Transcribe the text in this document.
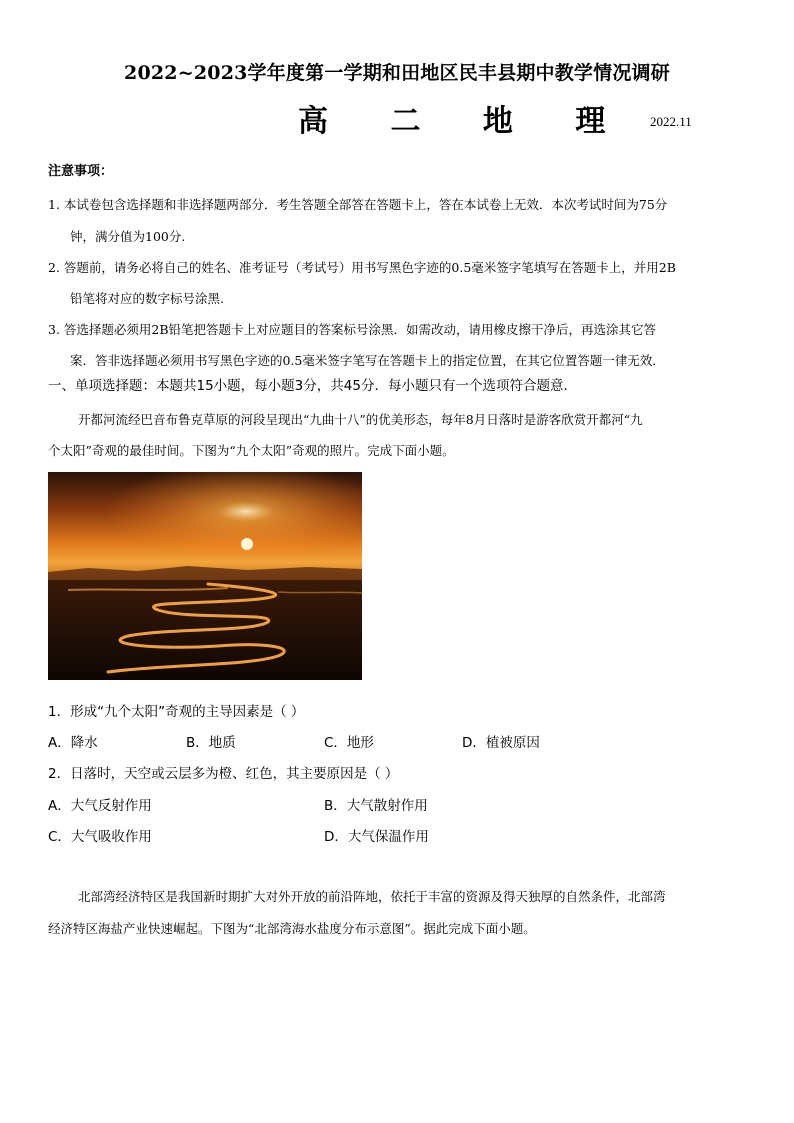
2022~2023学年度第一学期和田地区民丰县期中教学情况调研
高 二 地 理 2022.11
注意事项：
1. 本试卷包含选择题和非选择题两部分．考生答题全部答在答题卡上，答在本试卷上无效．本次考试时间为75分
钟，满分值为100分.
2. 答题前，请务必将自己的姓名、准考证号（考试号）用书写黑色字迹的0.5毫米签字笔填写在答题卡上，并用2B
铅笔将对应的数字标号涂黑.
3. 答选择题必须用2B铅笔把答题卡上对应题目的答案标号涂黑．如需改动，请用橡皮擦干净后，再选涂其它答
案．答非选择题必须用书写黑色字迹的0.5毫米签字笔写在答题卡上的指定位置，在其它位置答题一律无效．
一、单项选择题：本题共15小题，每小题3分，共45分．每小题只有一个选项符合题意．
开都河流经巴音布鲁克草原的河段呈现出“九曲十八”的优美形态，每年8月日落时是游客欣赏开都河“九
个太阳”奇观的最佳时间。下图为“九个太阳”奇观的照片。完成下面小题。
1．形成“九个太阳”奇观的主导因素是（ ）
A．降水	B．地质	C．地形	D．植被原因
2．日落时，天空或云层多为橙、红色，其主要原因是（ ）
A．大气反射作用	B．大气散射作用
C．大气吸收作用	D．大气保温作用
北部湾经济特区是我国新时期扩大对外开放的前沿阵地，依托于丰富的资源及得天独厚的自然条件，北部湾
经济特区海盐产业快速崛起。下图为“北部湾海水盐度分布示意图”。据此完成下面小题。
